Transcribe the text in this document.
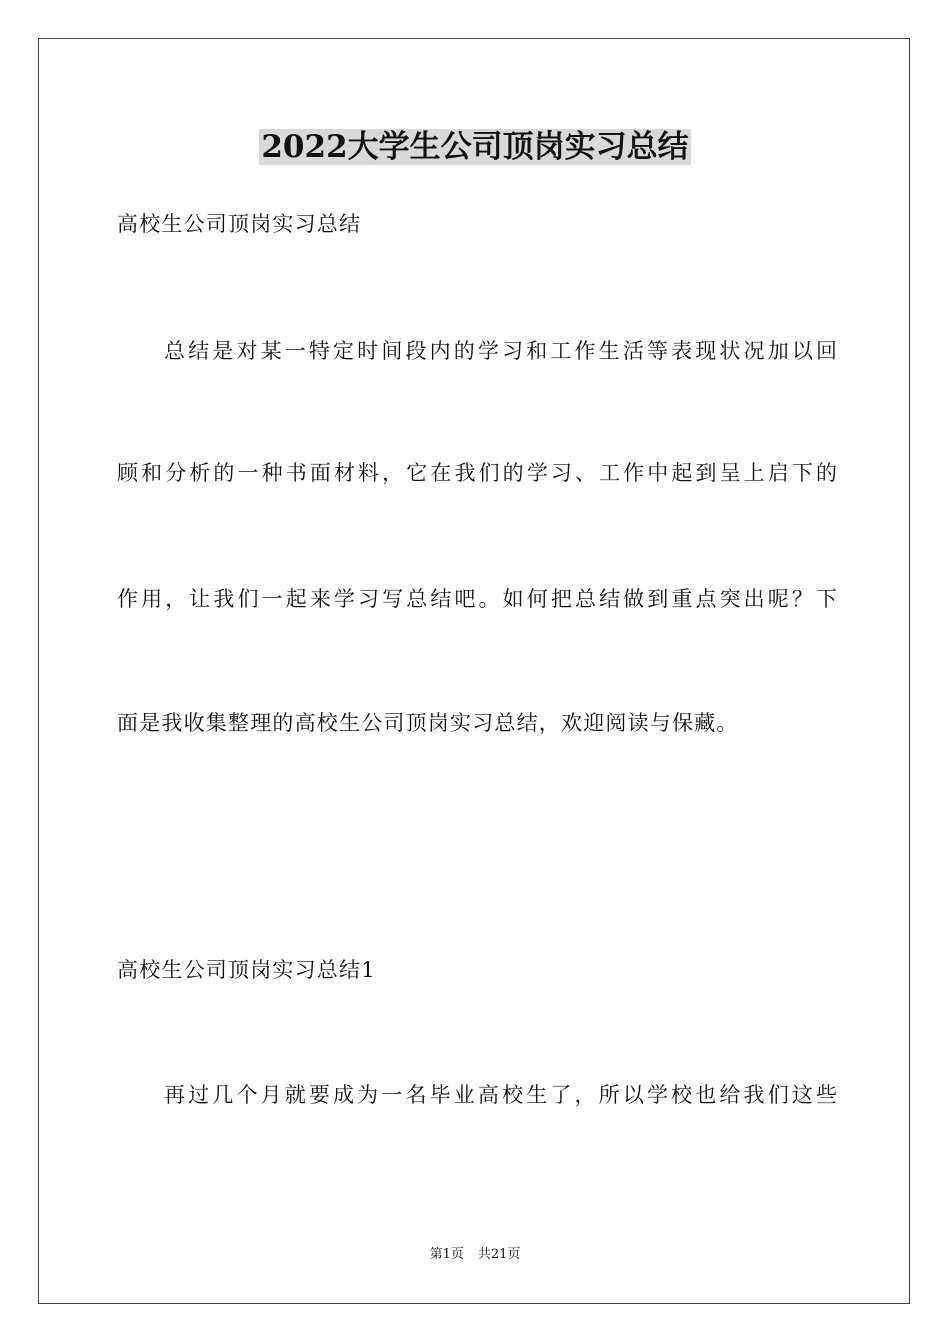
2022大学生公司顶岗实习总结

高校生公司顶岗实习总结

总结是对某一特定时间段内的学习和工作生活等表现状况加以回

顾和分析的一种书面材料，它在我们的学习、工作中起到呈上启下的

作用，让我们一起来学习写总结吧。如何把总结做到重点突出呢？下

面是我收集整理的高校生公司顶岗实习总结，欢迎阅读与保藏。

高校生公司顶岗实习总结1

再过几个月就要成为一名毕业高校生了，所以学校也给我们这些

第1页 共21页
